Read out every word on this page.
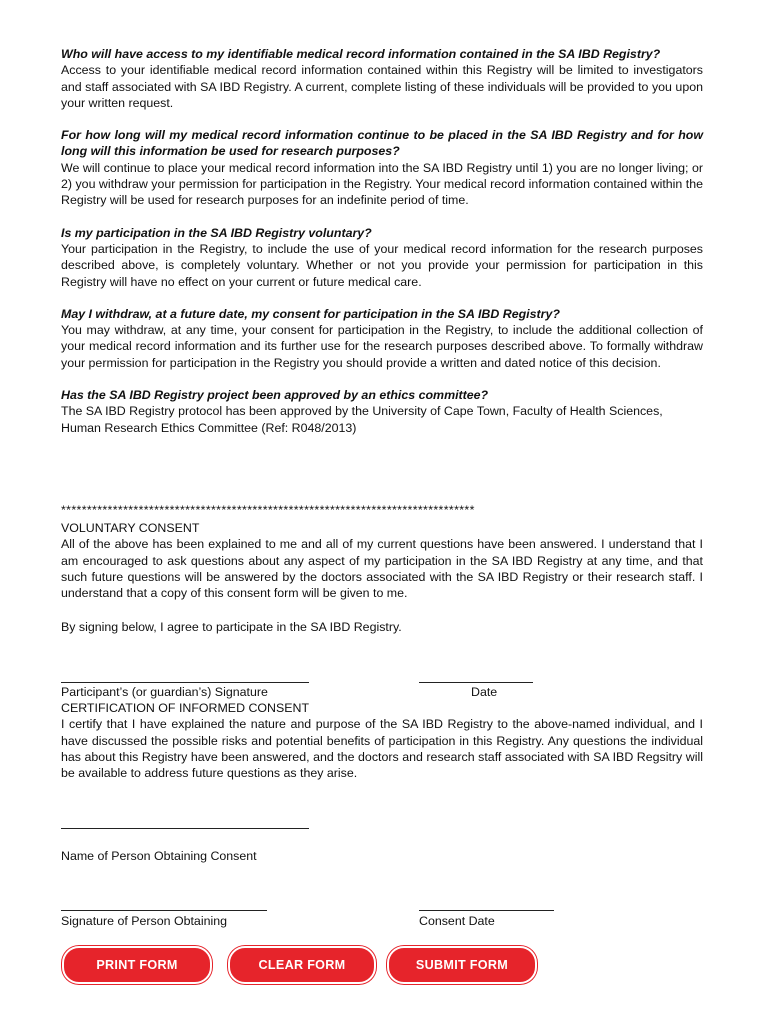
Who will have access to my identifiable medical record information contained in the SA IBD Registry?

Access to your identifiable medical record information contained within this Registry will be limited to investigators and staff associated with SA IBD Registry. A current, complete listing of these individuals will be provided to you upon your written request.

For how long will my medical record information continue to be placed in the SA IBD Registry and for how long will this information be used for research purposes?

We will continue to place your medical record information into the SA IBD Registry until 1) you are no longer living; or 2) you withdraw your permission for participation in the Registry. Your medical record information contained within the Registry will be used for research purposes for an indefinite period of time.

Is my participation in the SA IBD Registry voluntary?

Your participation in the Registry, to include the use of your medical record information for the research purposes described above, is completely voluntary. Whether or not you provide your permission for participation in this Registry will have no effect on your current or future medical care.

May I withdraw, at a future date, my consent for participation in the SA IBD Registry?

You may withdraw, at any time, your consent for participation in the Registry, to include the additional collection of your medical record information and its further use for the research purposes described above. To formally withdraw your permission for participation in the Registry you should provide a written and dated notice of this decision.

Has the SA IBD Registry project been approved by an ethics committee?

The SA IBD Registry protocol has been approved by the University of Cape Town, Faculty of Health Sciences,

Human Research Ethics Committee (Ref: R048/2013)

********************************************************************************
VOLUNTARY CONSENT
All of the above has been explained to me and all of my current questions have been answered. I understand that I am encouraged to ask questions about any aspect of my participation in the SA IBD Registry at any time, and that such future questions will be answered by the doctors associated with the SA IBD Registry or their research staff. I understand that a copy of this consent form will be given to me.
By signing below, I agree to participate in the SA IBD Registry.
Participant’s (or guardian’s) Signature	Date
CERTIFICATION OF INFORMED CONSENT
I certify that I have explained the nature and purpose of the SA IBD Registry to the above-named individual, and I have discussed the possible risks and potential benefits of participation in this Registry. Any questions the individual has about this Registry have been answered, and the doctors and research staff associated with SA IBD Regsitry will be available to address future questions as they arise.
Name of Person Obtaining Consent
Signature of Person Obtaining	Consent Date
PRINT FORM	CLEAR FORM	SUBMIT FORM
